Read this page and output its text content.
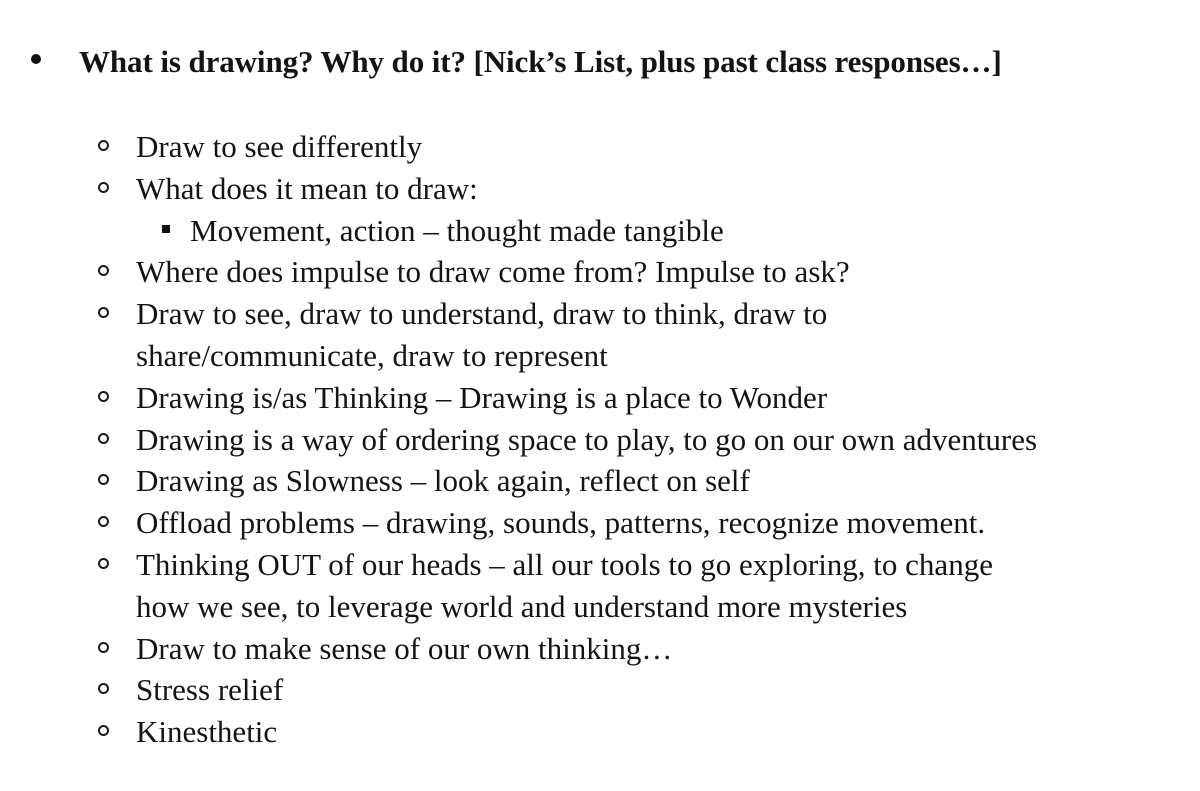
What is drawing? Why do it? [Nick’s List, plus past class responses…]
Draw to see differently
What does it mean to draw:
Movement, action – thought made tangible
Where does impulse to draw come from? Impulse to ask?
Draw to see, draw to understand, draw to think, draw to
share/communicate, draw to represent
Drawing is/as Thinking – Drawing is a place to Wonder
Drawing is a way of ordering space to play, to go on our own adventures
Drawing as Slowness – look again, reflect on self
Offload problems – drawing, sounds, patterns, recognize movement.
Thinking OUT of our heads – all our tools to go exploring, to change
how we see, to leverage world and understand more mysteries
Draw to make sense of our own thinking…
Stress relief
Kinesthetic
